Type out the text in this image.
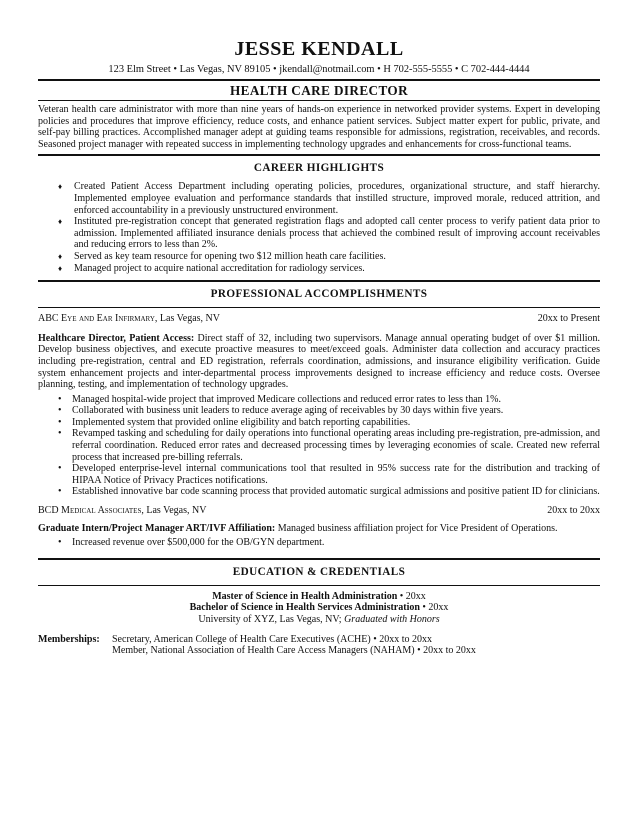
JESSE KENDALL
123 Elm Street • Las Vegas, NV 89105 • jkendall@notmail.com • H 702-555-5555 • C 702-444-4444
HEALTH CARE DIRECTOR
Veteran health care administrator with more than nine years of hands-on experience in networked provider systems. Expert in developing policies and procedures that improve efficiency, reduce costs, and enhance patient services. Subject matter expert for public, private, and self-pay billing practices. Accomplished manager adept at guiding teams responsible for admissions, registration, receivables, and records. Seasoned project manager with repeated success in implementing technology upgrades and enhancements for cross-functional teams.
CAREER HIGHLIGHTS
♦ Created Patient Access Department including operating policies, procedures, organizational structure, and staff hierarchy. Implemented employee evaluation and performance standards that instilled structure, improved morale, reduced attrition, and enforced accountability in a previously unstructured environment.
♦ Instituted pre-registration concept that generated registration flags and adopted call center process to verify patient data prior to admission. Implemented affiliated insurance denials process that achieved the combined result of improving account receivables and reducing errors to less than 2%.
♦ Served as key team resource for opening two $12 million heath care facilities.
♦ Managed project to acquire national accreditation for radiology services.
PROFESSIONAL ACCOMPLISHMENTS
ABC Eye and Ear Infirmary, Las Vegas, NV	20xx to Present
Healthcare Director, Patient Access: Direct staff of 32, including two supervisors. Manage annual operating budget of over $1 million. Develop business objectives, and execute proactive measures to meet/exceed goals. Administer data collection and accuracy practices including pre-registration, central and ED registration, referrals coordination, admissions, and insurance eligibility verification. Guide system enhancement projects and inter-departmental process improvements designed to increase efficiency and reduce costs. Oversee planning, testing, and implementation of technology upgrades.
• Managed hospital-wide project that improved Medicare collections and reduced error rates to less than 1%.
• Collaborated with business unit leaders to reduce average aging of receivables by 30 days within five years.
• Implemented system that provided online eligibility and batch reporting capabilities.
• Revamped tasking and scheduling for daily operations into functional operating areas including pre-registration, pre-admission, and referral coordination. Reduced error rates and decreased processing times by leveraging economies of scale. Created new referral process that increased pre-billing referrals.
• Developed enterprise-level internal communications tool that resulted in 95% success rate for the distribution and tracking of HIPAA Notice of Privacy Practices notifications.
• Established innovative bar code scanning process that provided automatic surgical admissions and positive patient ID for clinicians.
BCD Medical Associates, Las Vegas, NV	20xx to 20xx
Graduate Intern/Project Manager ART/IVF Affiliation: Managed business affiliation project for Vice President of Operations.
• Increased revenue over $500,000 for the OB/GYN department.
EDUCATION & CREDENTIALS
Master of Science in Health Administration • 20xx
Bachelor of Science in Health Services Administration • 20xx
University of XYZ, Las Vegas, NV; Graduated with Honors
Memberships:	Secretary, American College of Health Care Executives (ACHE) • 20xx to 20xx
Member, National Association of Health Care Access Managers (NAHAM) • 20xx to 20xx
